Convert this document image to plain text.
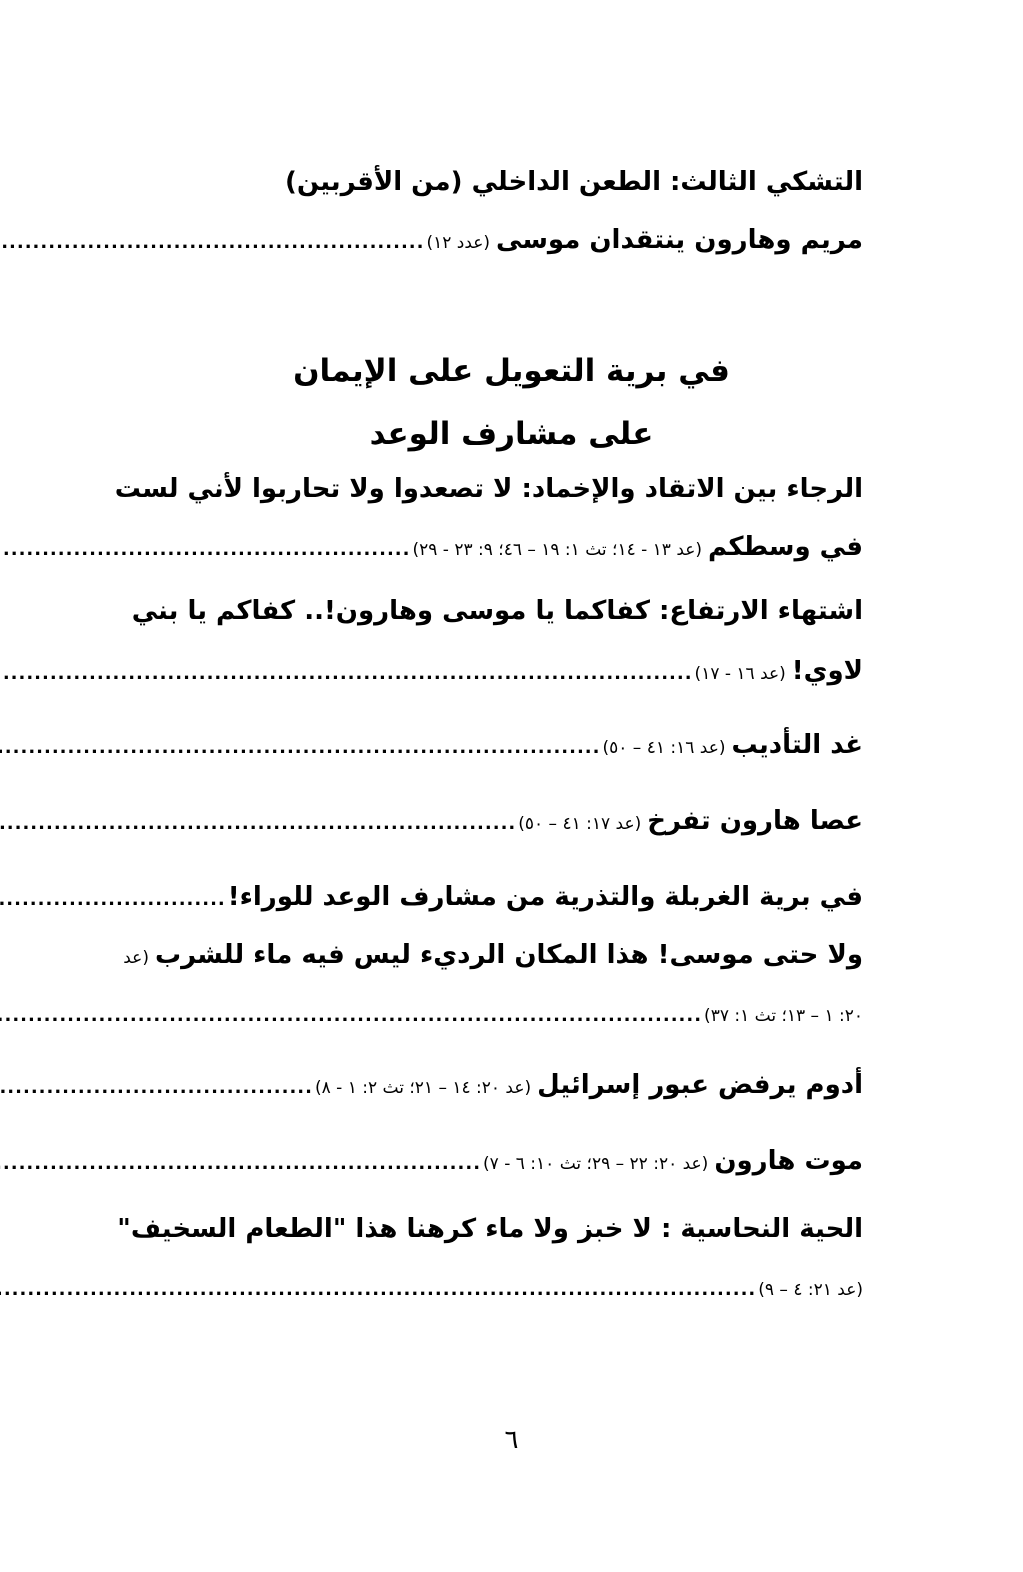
التشكي الثالث: الطعن الداخلي (من الأقربين)
مريم وهارون ينتقدان موسى
(عدد ١٢)
.....
في برية التعويل على الإيمان
على مشارف الوعد
الرجاء بين الاتقاد والإخماد: لا تصعدوا ولا تحاربوا لأني لست
في وسطكم
(عد ١٣ - ١٤؛ تث ١: ١٩ – ٤٦؛ ٩: ٢٣ - ٢٩)
.....
اشتهاء الارتفاع: كفاكما يا موسى وهارون!.. كفاكم يا بني
لاوي!
(عد ١٦ - ١٧)
.....
غد التأديب
(عد ١٦: ٤١ – ٥٠)
.....
عصا هارون تفرخ
(عد ١٧: ٤١ – ٥٠)
.....
في برية الغربلة والتذرية من مشارف الوعد للوراء!
.....
ولا حتى موسى! هذا المكان الرديء ليس فيه ماء للشرب
(عد
٢٠: ١ – ١٣؛ تث ١: ٣٧)
.....
أدوم يرفض عبور إسرائيل
(عد ٢٠: ١٤ – ٢١؛ تث ٢: ١ - ٨)
.....
موت هارون
(عد ٢٠: ٢٢ – ٢٩؛ تث ١٠: ٦ - ٧)
.....
الحية النحاسية : لا خبز ولا ماء كرهنا هذا "الطعام السخيف"
(عد ٢١: ٤ – ٩)
.....
٦
